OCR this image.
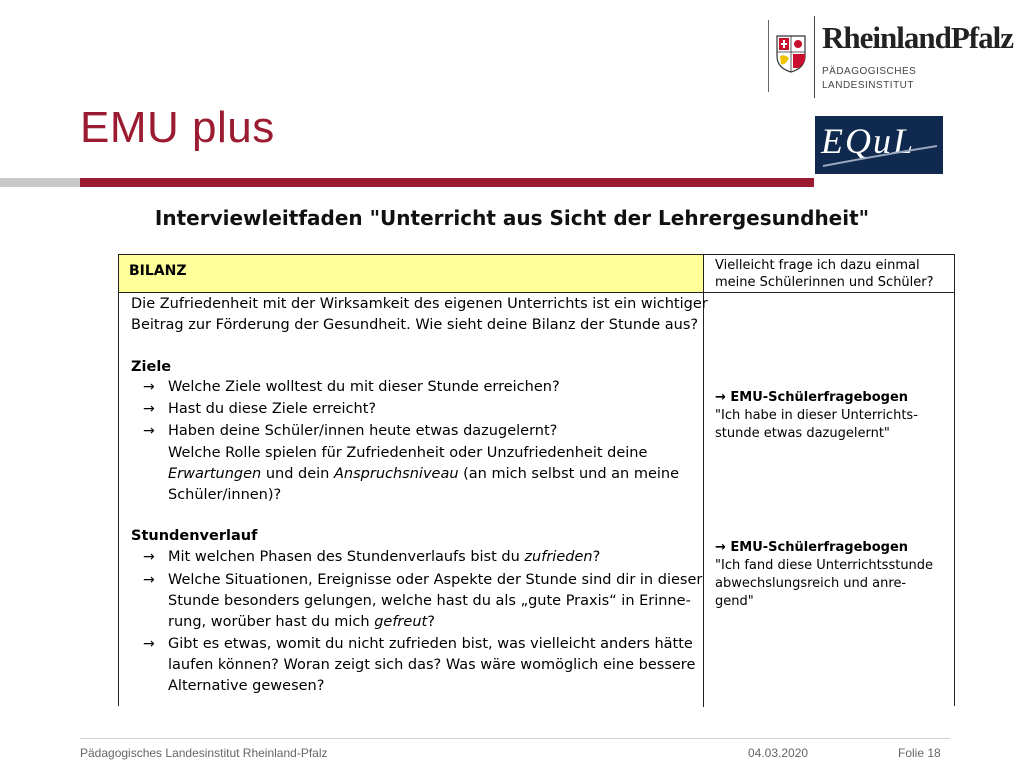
EMU plus
RheinlandPfalz
PÄDAGOGISCHES
LANDESINSTITUT
EQuL
Interviewleitfaden "Unterricht aus Sicht der Lehrergesundheit"
BILANZ
Die Zufriedenheit mit der Wirksamkeit des eigenen Unterrichts ist ein wichtiger
Beitrag zur Förderung der Gesundheit. Wie sieht deine Bilanz der Stunde aus?
Ziele
→ Welche Ziele wolltest du mit dieser Stunde erreichen?
→ Hast du diese Ziele erreicht?
→ Haben deine Schüler/innen heute etwas dazugelernt?
Welche Rolle spielen für Zufriedenheit oder Unzufriedenheit deine
Erwartungen und dein Anspruchsniveau (an mich selbst und an meine
Schüler/innen)?
Stundenverlauf
→ Mit welchen Phasen des Stundenverlaufs bist du zufrieden?
→ Welche Situationen, Ereignisse oder Aspekte der Stunde sind dir in dieser
Stunde besonders gelungen, welche hast du als „gute Praxis“ in Erinne-
rung, worüber hast du mich gefreut?
→ Gibt es etwas, womit du nicht zufrieden bist, was vielleicht anders hätte
laufen können? Woran zeigt sich das? Was wäre womöglich eine bessere
Alternative gewesen?
Vielleicht frage ich dazu einmal
meine Schülerinnen und Schüler?
→ EMU-Schülerfragebogen
"Ich habe in dieser Unterrichts-
stunde etwas dazugelernt"
→ EMU-Schülerfragebogen
"Ich fand diese Unterrichtsstunde
abwechslungsreich und anre-
gend"
Pädagogisches Landesinstitut Rheinland-Pfalz	04.03.2020	Folie 18
